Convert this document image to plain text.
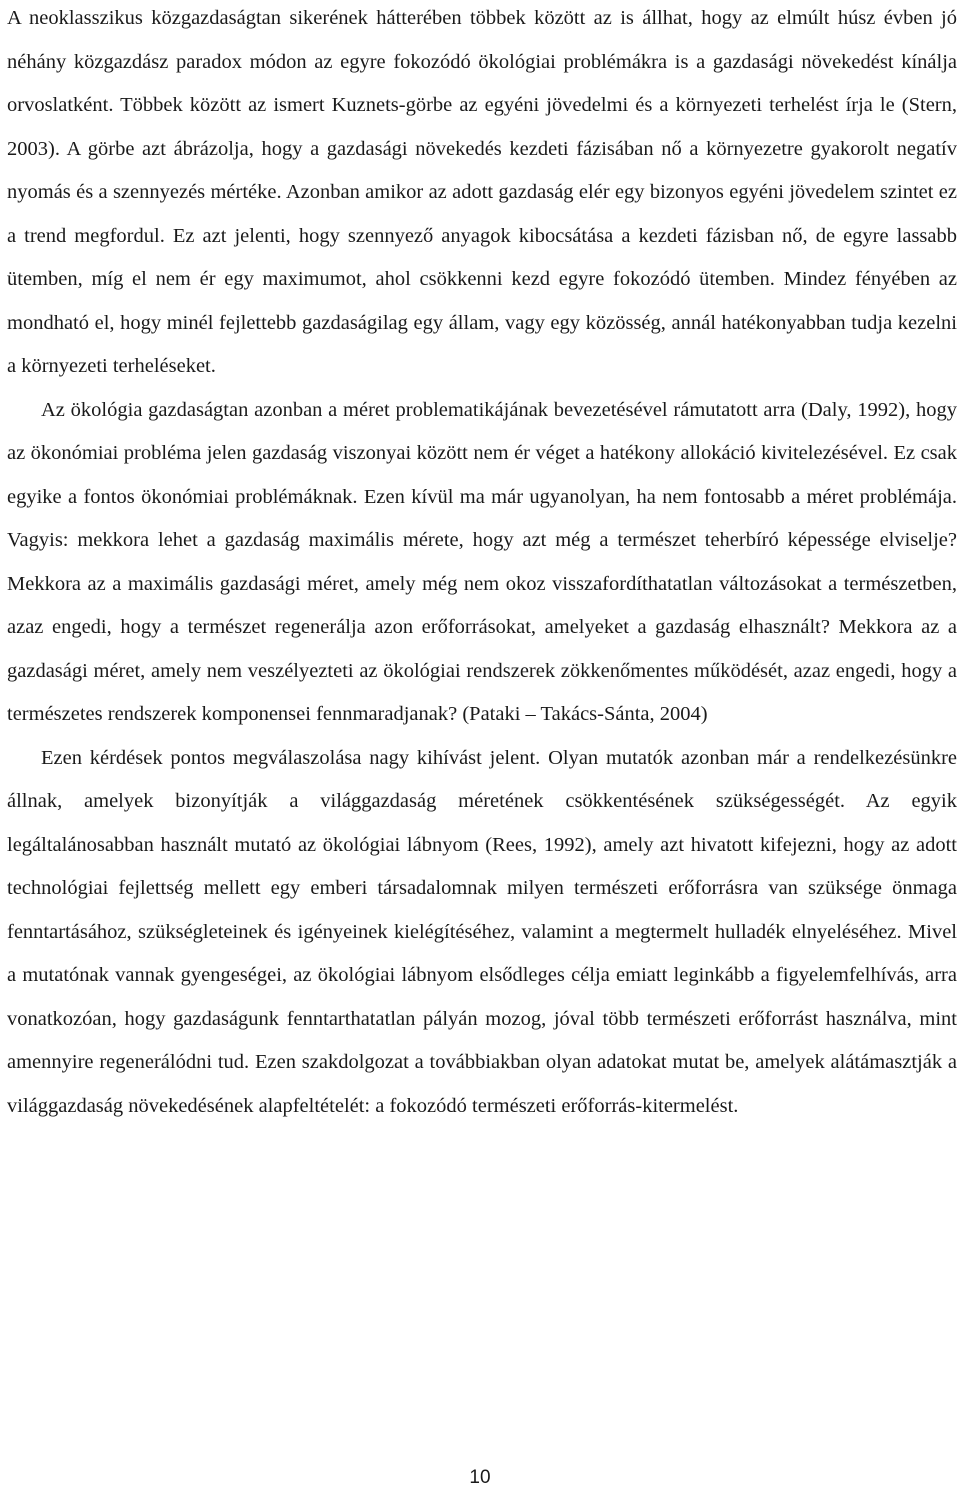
A neoklasszikus közgazdaságtan sikerének hátterében többek között az is állhat, hogy az elmúlt húsz évben jó néhány közgazdász paradox módon az egyre fokozódó ökológiai problémákra is a gazdasági növekedést kínálja orvoslatként. Többek között az ismert Kuznets-görbe az egyéni jövedelmi és a környezeti terhelést írja le (Stern, 2003). A görbe azt ábrázolja, hogy a gazdasági növekedés kezdeti fázisában nő a környezetre gyakorolt negatív nyomás és a szennyezés mértéke. Azonban amikor az adott gazdaság elér egy bizonyos egyéni jövedelem szintet ez a trend megfordul. Ez azt jelenti, hogy szennyező anyagok kibocsátása a kezdeti fázisban nő, de egyre lassabb ütemben, míg el nem ér egy maximumot, ahol csökkenni kezd egyre fokozódó ütemben. Mindez fényében az mondható el, hogy minél fejlettebb gazdaságilag egy állam, vagy egy közösség, annál hatékonyabban tudja kezelni a környezeti terheléseket.

Az ökológia gazdaságtan azonban a méret problematikájának bevezetésével rámutatott arra (Daly, 1992), hogy az ökonómiai probléma jelen gazdaság viszonyai között nem ér véget a hatékony allokáció kivitelezésével. Ez csak egyike a fontos ökonómiai problémáknak. Ezen kívül ma már ugyanolyan, ha nem fontosabb a méret problémája. Vagyis: mekkora lehet a gazdaság maximális mérete, hogy azt még a természet teherbíró képessége elviselje? Mekkora az a maximális gazdasági méret, amely még nem okoz visszafordíthatatlan változásokat a természetben, azaz engedi, hogy a természet regenerálja azon erőforrásokat, amelyeket a gazdaság elhasznált? Mekkora az a gazdasági méret, amely nem veszélyezteti az ökológiai rendszerek zökkenőmentes működését, azaz engedi, hogy a természetes rendszerek komponensei fennmaradjanak? (Pataki – Takács-Sánta, 2004)

Ezen kérdések pontos megválaszolása nagy kihívást jelent. Olyan mutatók azonban már a rendelkezésünkre állnak, amelyek bizonyítják a világgazdaság méretének csökkentésének szükségességét. Az egyik legáltalánosabban használt mutató az ökológiai lábnyom (Rees, 1992), amely azt hivatott kifejezni, hogy az adott technológiai fejlettség mellett egy emberi társadalomnak milyen természeti erőforrásra van szüksége önmaga fenntartásához, szükségleteinek és igényeinek kielégítéséhez, valamint a megtermelt hulladék elnyeléséhez. Mivel a mutatónak vannak gyengeségei, az ökológiai lábnyom elsődleges célja emiatt leginkább a figyelemfelhívás, arra vonatkozóan, hogy gazdaságunk fenntarthatatlan pályán mozog, jóval több természeti erőforrást használva, mint amennyire regenerálódni tud. Ezen szakdolgozat a továbbiakban olyan adatokat mutat be, amelyek alátámasztják a világgazdaság növekedésének alapfeltételét: a fokozódó természeti erőforrás-kitermelést.

10
